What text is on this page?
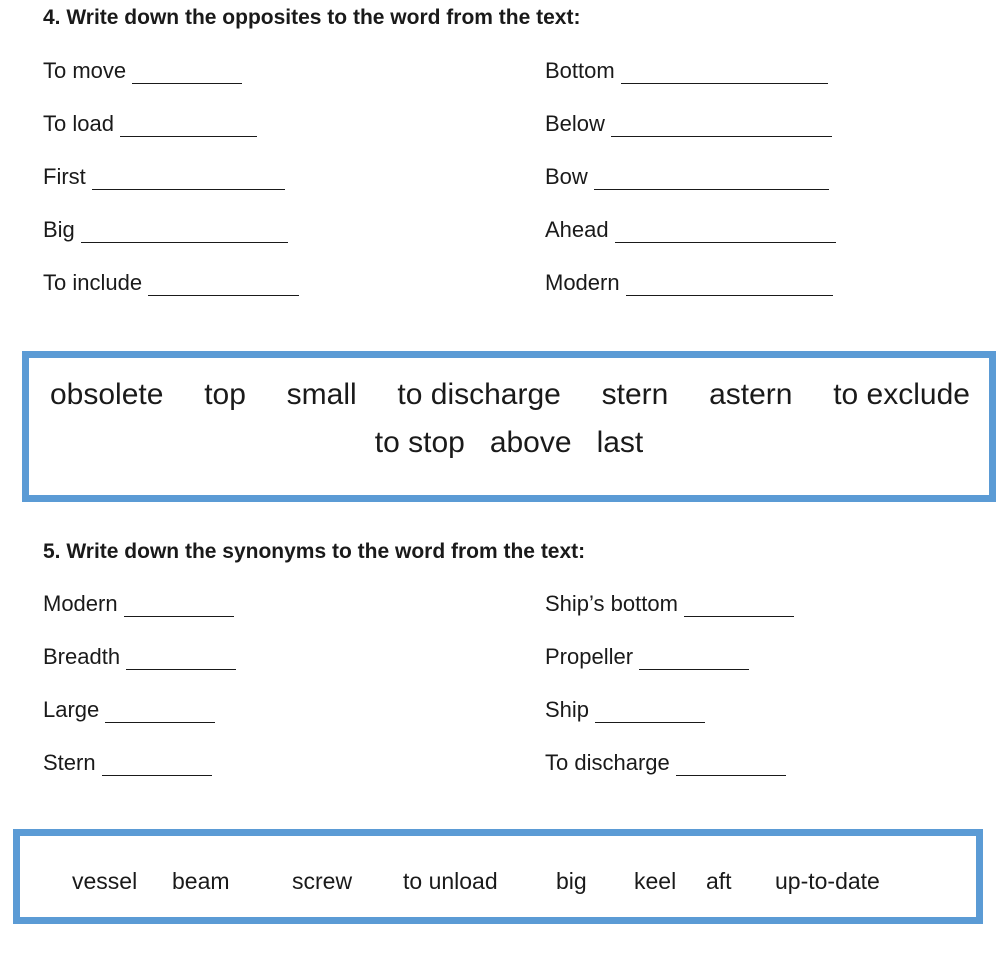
4. Write down the opposites to the word from the text:
To move
To load
First
Big
To include
Bottom
Below
Bow
Ahead
Modern
obsolete top small to discharge stern astern to exclude
to stop above last
5. Write down the synonyms to the word from the text:
Modern
Breadth
Large
Stern
Ship’s bottom
Propeller
Ship
To discharge
vessel beam	screw to unload	big keel aft up-to-date
